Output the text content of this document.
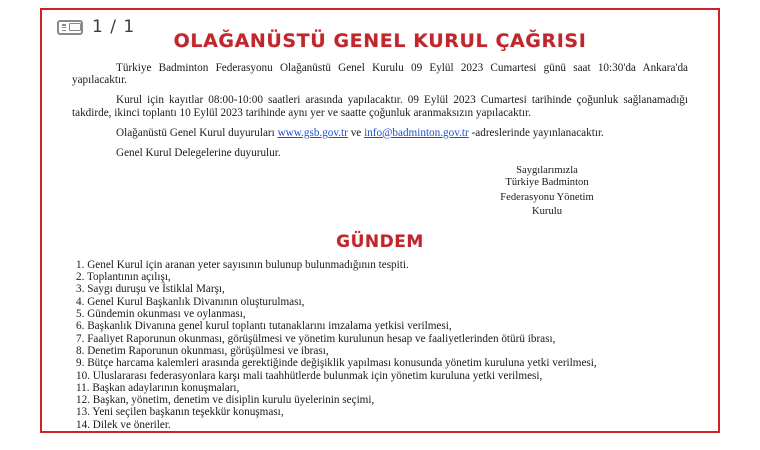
OLAĞANÜSTÜ GENEL KURUL ÇAĞRISI

Türkiye Badminton Federasyonu Olağanüstü Genel Kurulu 09 Eylül 2023 Cumartesi günü saat 10:30'da Ankara'da yapılacaktır.

Kurul için kayıtlar 08:00-10:00 saatleri arasında yapılacaktır. 09 Eylül 2023 Cumartesi tarihinde çoğunluk sağlanamadığı takdirde, ikinci toplantı 10 Eylül 2023 tarihinde aynı yer ve saatte çoğunluk aranmaksızın yapılacaktır.

Olağanüstü Genel Kurul duyuruları www.gsb.gov.tr ve info@badminton.gov.tr -adreslerinde yayınlanacaktır.

Genel Kurul Delegelerine duyurulur.

Saygılarımızla
Türkiye Badminton
Federasyonu Yönetim
Kurulu
GÜNDEM
Genel Kurul için aranan yeter sayısının bulunup bulunmadığının tespiti.
Toplantının açılışı,
Saygı duruşu ve İstiklal Marşı,
Genel Kurul Başkanlık Divanının oluşturulması,
Gündemin okunması ve oylanması,
Başkanlık Divanına genel kurul toplantı tutanaklarını imzalama yetkisi verilmesi,
Faaliyet Raporunun okunması, görüşülmesi ve yönetim kurulunun hesap ve faaliyetlerinden ötürü ibrası,
Denetim Raporunun okunması, görüşülmesi ve ibrası,
Bütçe harcama kalemleri arasında gerektiğinde değişiklik yapılması konusunda yönetim kuruluna yetki verilmesi,
Uluslararası federasyonlara karşı mali taahhütlerde bulunmak için yönetim kuruluna yetki verilmesi,
Başkan adaylarının konuşmaları,
Başkan, yönetim, denetim ve disiplin kurulu üyelerinin seçimi,
Yeni seçilen başkanın teşekkür konuşması,
Dilek ve öneriler.
1 / 1
